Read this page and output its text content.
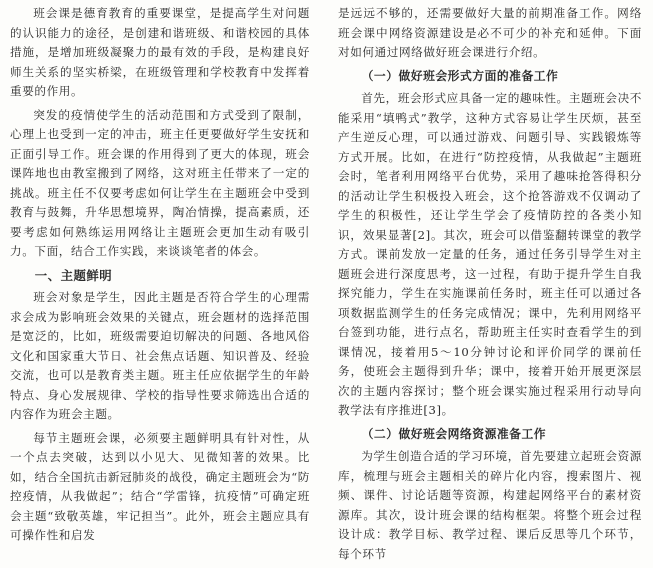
班会课是德育教育的重要课堂，是提高学生对问题的认识能力的途径，是创建和谐班级、和谐校园的具体措施，是增加班级凝聚力的最有效的手段，是构建良好师生关系的坚实桥梁，在班级管理和学校教育中发挥着重要的作用。

突发的疫情使学生的活动范围和方式受到了限制，心理上也受到一定的冲击，班主任更要做好学生安抚和正面引导工作。班会课的作用得到了更大的体现，班会课阵地也由教室搬到了网络，这对班主任带来了一定的挑战。班主任不仅要考虑如何让学生在主题班会中受到教育与鼓舞，升华思想境界，陶冶情操，提高素质，还要考虑如何熟练运用网络让主题班会更加生动有吸引力。下面，结合工作实践，来谈谈笔者的体会。

一、主题鲜明

班会对象是学生，因此主题是否符合学生的心理需求会成为影响班会效果的关键点，班会题材的选择范围是宽泛的，比如，班级需要迫切解决的问题、各地风俗文化和国家重大节日、社会焦点话题、知识普及、经验交流，也可以是教育类主题。班主任应依据学生的年龄特点、身心发展规律、学校的指导性要求筛选出合适的内容作为班会主题。

每节主题班会课，必须要主题鲜明具有针对性，从一个点去突破，达到以小见大、见微知著的效果。比如，结合全国抗击新冠肺炎的战役，确定主题班会为“防控疫情，从我做起”；结合“学雷锋，抗疫情”可确定班会主题“致敬英雄，牢记担当”。此外，班会主题应具有可操作性和启发

是远远不够的，还需要做好大量的前期准备工作。网络班会课中网络资源建设是必不可少的补充和延伸。下面对如何通过网络做好班会课进行介绍。

（一）做好班会形式方面的准备工作

首先，班会形式应具备一定的趣味性。主题班会决不能采用“填鸭式”教学，这种方式容易让学生厌烦，甚至产生逆反心理，可以通过游戏、问题引导、实践锻炼等方式开展。比如，在进行“防控疫情，从我做起”主题班会时，笔者利用网络平台优势，采用了趣味抢答得积分的活动让学生积极投入班会，这个抢答游戏不仅调动了学生的积极性，还让学生学会了疫情防控的各类小知识，效果显著[2]。其次，班会可以借鉴翻转课堂的教学方式。课前发放一定量的任务，通过任务引导学生对主题班会进行深度思考，这一过程，有助于提升学生自我探究能力，学生在实施课前任务时，班主任可以通过各项数据监测学生的任务完成情况；课中，先利用网络平台签到功能，进行点名，帮助班主任实时查看学生的到课情况，接着用5～10分钟讨论和评价同学的课前任务，使班会主题得到升华；课中，接着开始开展更深层次的主题内容探讨；整个班会课实施过程采用行动导向教学法有序推进[3]。

（二）做好班会网络资源准备工作

为学生创造合适的学习环境，首先要建立起班会资源库，梳理与班会主题相关的碎片化内容，搜索图片、视频、课件、讨论话题等资源，构建起网络平台的素材资源库。其次，设计班会课的结构框架。将整个班会过程设计成：教学目标、教学过程、课后反思等几个环节，每个环节
